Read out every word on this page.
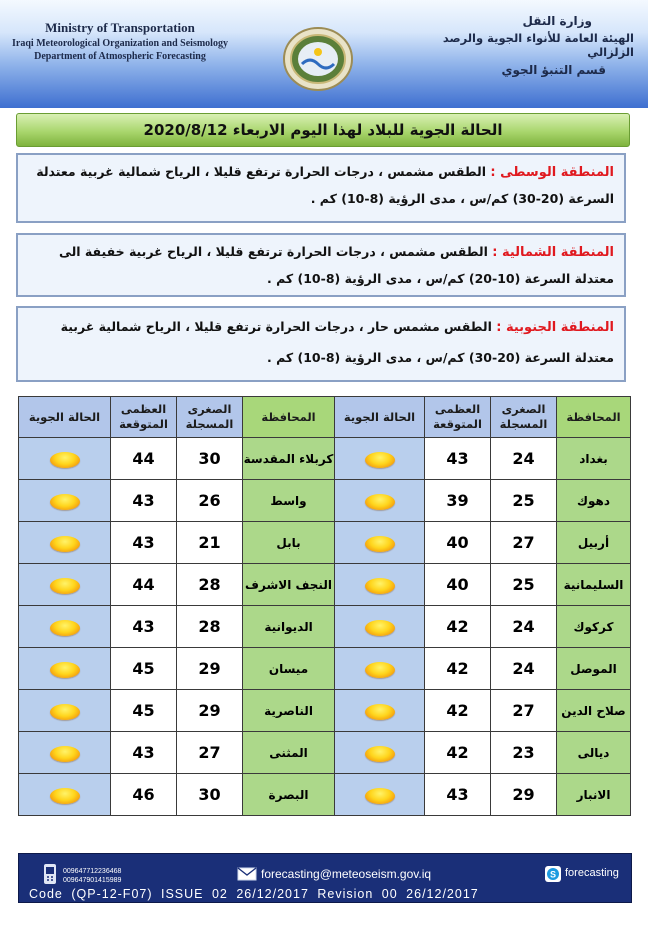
Ministry of Transportation
Iraqi Meteorological Organization and Seismology
Department of Atmospheric Forecasting
وزارة النقل
الهيئة العامة للأنواء الجوية والرصد الزلزالي
قسم التنبؤ الجوي
الحالة الجوية للبلاد لهذا اليوم الاربعاء 2020/8/12
المنطقة الوسطى : الطقس مشمس ، درجات الحرارة ترتفع قليلا ، الرياح شمالية غربية معتدلة السرعة (20-30) كم/س ، مدى الرؤية (8-10) كم .
المنطقة الشمالية : الطقس مشمس ، درجات الحرارة ترتفع قليلا ، الرياح غربية خفيفة الى معتدلة السرعة (10-20) كم/س ، مدى الرؤية (8-10) كم .
المنطقة الجنوبية : الطقس مشمس حار ، درجات الحرارة ترتفع قليلا ، الرياح شمالية غربية معتدلة السرعة (20-30) كم/س ، مدى الرؤية (8-10) كم .
المحافظة	الصغرى المسجلة	العظمى المتوقعة	الحالة الجوية	المحافظة	الصغرى المسجلة	العظمى المتوقعة	الحالة الجوية
بغداد	24	43		كربلاء المقدسة	30	44	
دهوك	25	39		واسط	26	43	
أربيل	27	40		بابل	21	43	
السليمانية	25	40		النجف الاشرف	28	44	
كركوك	24	42		الديوانية	28	43	
الموصل	24	42		ميسان	29	45	
صلاح الدين	27	42		الناصرية	29	45	
ديالى	23	42		المثنى	27	43	
الانبار	29	43		البصرة	30	46	
009647712236468
009647901415989	forecasting@meteoseism.gov.iq	S forecasting
Code (QP-12-F07) ISSUE 02 26/12/2017 Revision 00 26/12/2017
